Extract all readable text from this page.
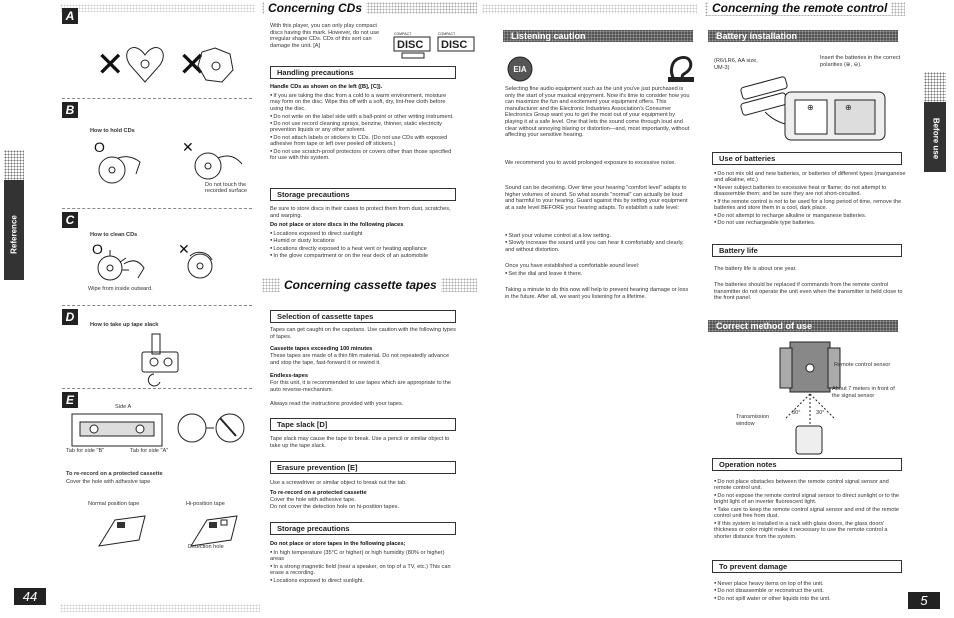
Reference
A
✕ ✕
B
How to hold CDs
O	✕
Do not touch the recorded surface
C
How to clean CDs
O	✕
Wipe from inside outward.
D
How to take up tape slack
E	Side A
Tab for side "B"	Tab for side "A"
To re-record on a protected cassette
Cover the hole with adhesive tape
Normal position tape	Hi-position tape
Detection hole
44
Concerning CDs
With this player, you can only play compact discs having this mark. However, do not use irregular shape CDs. CDs of this sort can damage the unit. [A]
COMPACT
DISC
COMPACT
DISC
Handling precautions
Handle CDs as shown on the left ([B], [C]).
● If you are taking the disc from a cold to a warm environment, moisture may form on the disc. Wipe this off with a soft, dry, lint-free cloth before using the disc.
● Do not write on the label side with a ball-point or other writing instrument.
● Do not use record cleaning sprays, benzine, thinner, static electricity prevention liquids or any other solvent.
● Do not attach labels or stickers to CDs. (Do not use CDs with exposed adhesive from tape or left over peeled off stickers.)
● Do not use scratch-proof protectors or covers other than those specified for use with this system.
Storage precautions
Be sure to store discs in their cases to protect them from dust, scratches, and warping.
Do not place or store discs in the following places
● Locations exposed to direct sunlight
● Humid or dusty locations
● Locations directly exposed to a heat vent or heating appliance
● In the glove compartment or on the rear deck of an automobile
Concerning cassette tapes
Selection of cassette tapes
Tapes can get caught on the capstans. Use caution with the following types of tapes.
Cassette tapes exceeding 100 minutes
These tapes are made of a thin film material. Do not repeatedly advance and stop the tape, fast-forward it or rewind it.
Endless-tapes
For this unit, it is recommended to use tapes which are appropriate to the auto reverse-mechanism.
Always read the instructions provided with your tapes.
Tape slack [D]
Tape slack may cause the tape to break. Use a pencil or similar object to take up the tape slack.
Erasure prevention [E]
Use a screwdriver or similar object to break out the tab.
To re-record on a protected cassette
Cover the hole with adhesive tape.
Do not cover the detection hole on hi-position tapes.
Storage precautions
Do not place or store tapes in the following places;
● In high temperature (35°C or higher) or high humidity (80% or higher) areas
● In a strong magnetic field (near a speaker, on top of a TV, etc.) This can erase a recording.
● Locations exposed to direct sunlight.
Listening caution
EIA
Selecting fine audio equipment such as the unit you've just purchased is only the start of your musical enjoyment. Now it's time to consider how you can maximize the fun and excitement your equipment offers. This manufacturer and the Electronic Industries Association's Consumer Electronics Group want you to get the most out of your equipment by playing it at a safe level. One that lets the sound come through loud and clear without annoying blaring or distortion—and, most importantly, without affecting your sensitive hearing.
We recommend you to avoid prolonged exposure to excessive noise.
Sound can be deceiving. Over time your hearing "comfort level" adapts to higher volumes of sound. So what sounds "normal" can actually be loud and harmful to your hearing. Guard against this by setting your equipment at a safe level BEFORE your hearing adapts. To establish a safe level:
● Start your volume control at a low setting.
● Slowly increase the sound until you can hear it comfortably and clearly, and without distortion.
Once you have established a comfortable sound level:
● Set the dial and leave it there.
Taking a minute to do this now will help to prevent hearing damage or loss in the future. After all, we want you listening for a lifetime.
Concerning the remote control
Battery installation
(R6/LR6, AA size, UM-3)
Insert the batteries in the correct polarities (⊕, ⊖).
⊕	⊕
Use of batteries
● Do not mix old and new batteries, or batteries of different types (manganese and alkaline, etc.)
● Never subject batteries to excessive heat or flame; do not attempt to disassemble them; and be sure they are not short-circuited.
● If the remote control is not to be used for a long period of time, remove the batteries and store them in a cool, dark place.
● Do not attempt to recharge alkaline or manganese batteries.
● Do not use rechargeable type batteries.
Battery life
The battery life is about one year.
The batteries should be replaced if commands from the remote control transmitter do not operate the unit even when the transmitter is held close to the front panel.
Correct method of use
Remote control sensor
About 7 meters in front of the signal sensor
30°	30°
Transmission window
Operation notes
● Do not place obstacles between the remote control signal sensor and remote control unit.
● Do not expose the remote control signal sensor to direct sunlight or to the bright light of an inverter fluorescent light.
● Take care to keep the remote control signal sensor and end of the remote control unit free from dust.
● If this system is installed in a rack with glass doors, the glass doors' thickness or color might make it necessary to use the remote control a shorter distance from the system.
To prevent damage
● Never place heavy items on top of the unit.
● Do not disassemble or reconstruct the unit.
● Do not spill water or other liquids into the unit.
Before use
5
